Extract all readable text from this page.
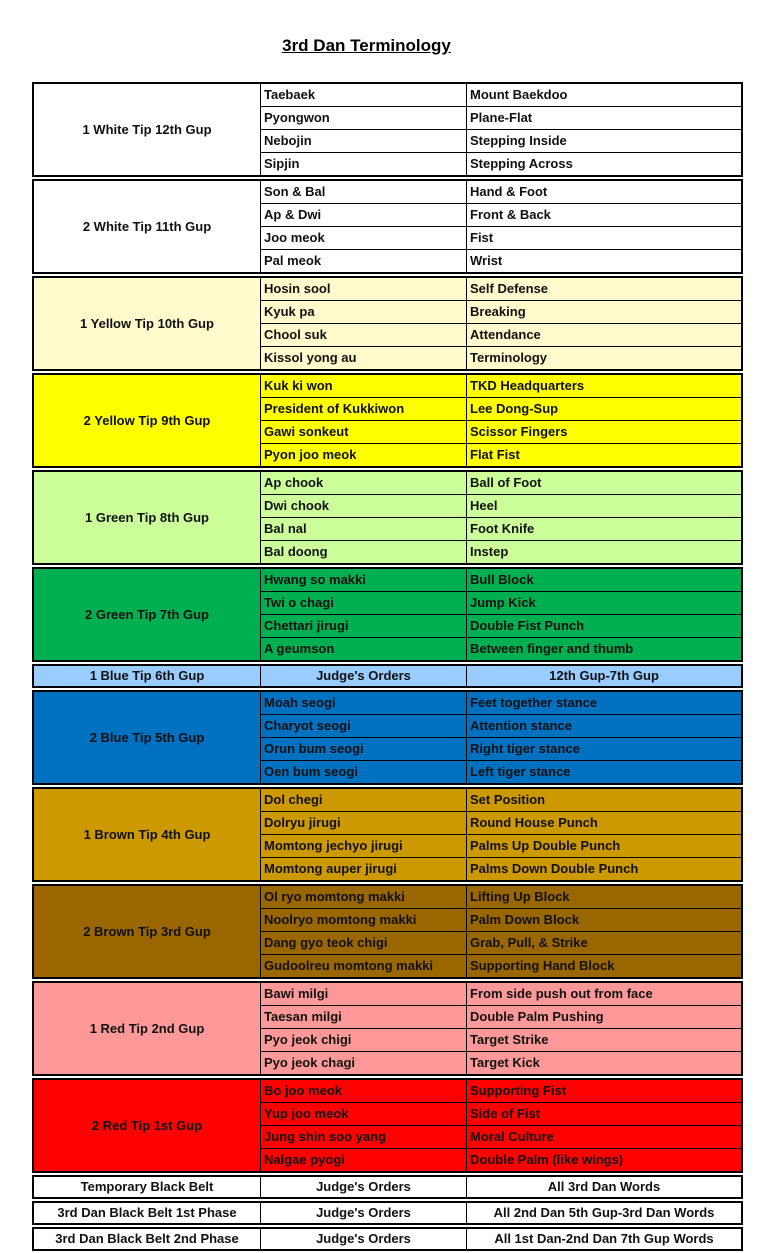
3rd Dan Terminology
1 White Tip 12th Gup
Taebaek	Mount Baekdoo
Pyongwon	Plane-Flat
Nebojin	Stepping Inside
Sipjin	Stepping Across
2 White Tip 11th Gup
Son & Bal	Hand & Foot
Ap & Dwi	Front & Back
Joo meok	Fist
Pal meok	Wrist
1 Yellow Tip 10th Gup
Hosin sool	Self Defense
Kyuk pa	Breaking
Chool suk	Attendance
Kissol yong au	Terminology
2 Yellow Tip 9th Gup
Kuk ki won	TKD Headquarters
President of Kukkiwon	Lee Dong-Sup
Gawi sonkeut	Scissor Fingers
Pyon joo meok	Flat Fist
1 Green Tip 8th Gup
Ap chook	Ball of Foot
Dwi chook	Heel
Bal nal	Foot Knife
Bal doong	Instep
2 Green Tip 7th Gup
Hwang so makki	Bull Block
Twi o chagi	Jump Kick
Chettari jirugi	Double Fist Punch
A geumson	Between finger and thumb
1 Blue Tip 6th Gup	Judge's Orders	12th Gup-7th Gup
2 Blue Tip 5th Gup
Moah seogi	Feet together stance
Charyot seogi	Attention stance
Orun bum seogi	Right tiger stance
Oen bum seogi	Left tiger stance
1 Brown Tip 4th Gup
Dol chegi	Set Position
Dolryu jirugi	Round House Punch
Momtong jechyo jirugi	Palms Up Double Punch
Momtong auper jirugi	Palms Down Double Punch
2 Brown Tip 3rd Gup
Ol ryo momtong makki	Lifting Up Block
Noolryo momtong makki	Palm Down Block
Dang gyo teok chigi	Grab, Pull, & Strike
Gudoolreu momtong makki	Supporting Hand Block
1 Red Tip 2nd Gup
Bawi milgi	From side push out from face
Taesan milgi	Double Palm Pushing
Pyo jeok chigi	Target Strike
Pyo jeok chagi	Target Kick
2 Red Tip 1st Gup
Bo joo meok	Supporting Fist
Yup joo meok	Side of Fist
Jung shin soo yang	Moral Culture
Nalgae pyogi	Double Palm (like wings)
Temporary Black Belt	Judge's Orders	All 3rd Dan Words
3rd Dan Black Belt 1st Phase	Judge's Orders	All 2nd Dan 5th Gup-3rd Dan Words
3rd Dan Black Belt 2nd Phase	Judge's Orders	All 1st Dan-2nd Dan 7th Gup Words
